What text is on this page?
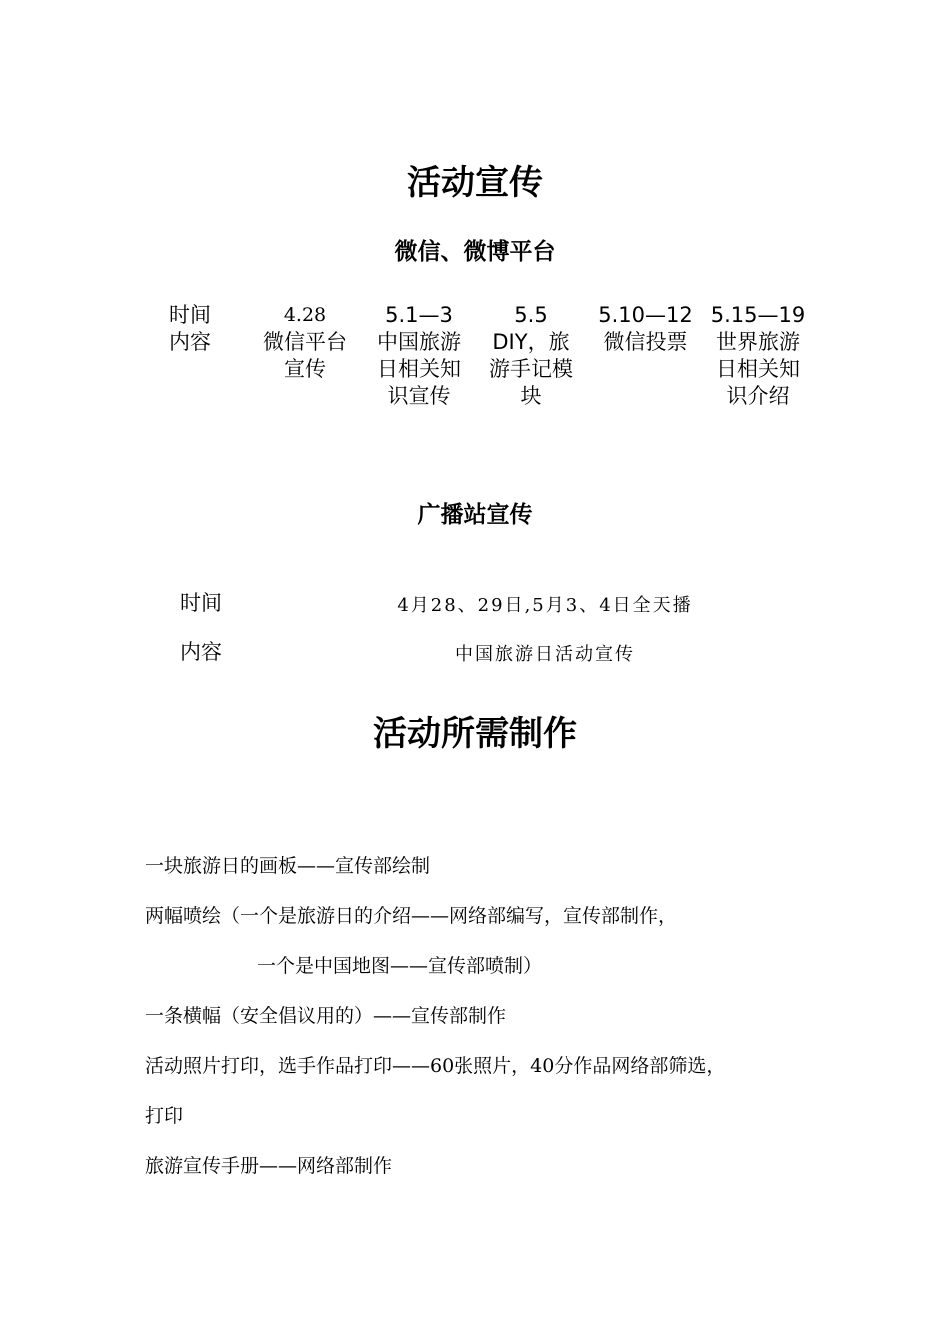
活动宣传
微信、微博平台
时间
内容
4.28
微信平台
宣传
5.1—3
中国旅游
日相关知
识宣传
5.5
DIY，旅
游手记模
块
5.10—12
微信投票
5.15—19
世界旅游
日相关知
识介绍
广播站宣传
时间	4月28、29日,5月3、4日全天播
内容	中国旅游日活动宣传
活动所需制作
一块旅游日的画板——宣传部绘制
两幅喷绘（一个是旅游日的介绍——网络部编写，宣传部制作，
一个是中国地图——宣传部喷制）
一条横幅（安全倡议用的）——宣传部制作
活动照片打印，选手作品打印——60张照片，40分作品网络部筛选，
打印
旅游宣传手册——网络部制作
